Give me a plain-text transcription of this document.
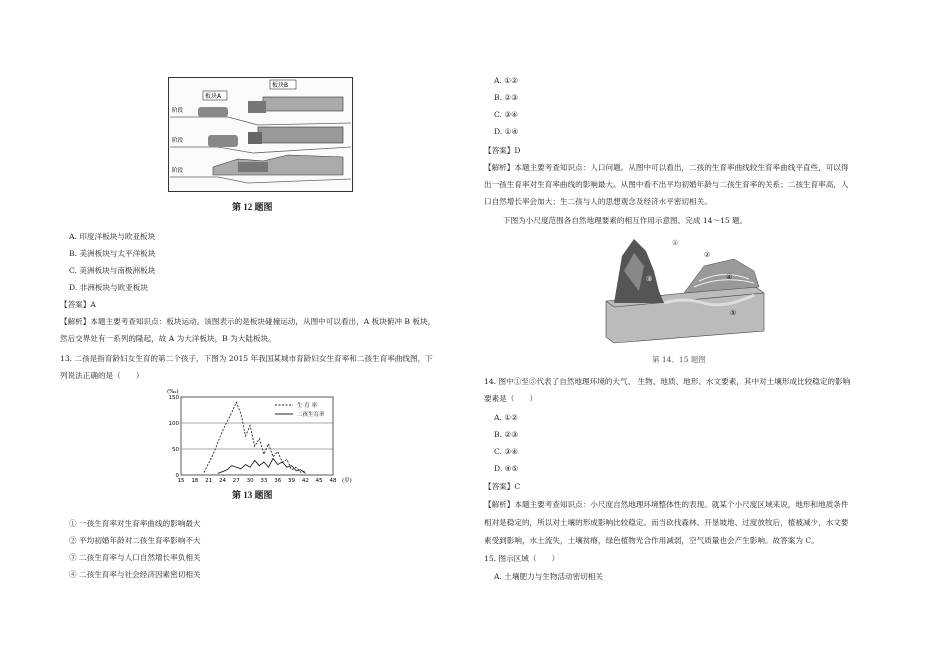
板块A
板块B
阶段
阶段
阶段
第 12 题图
A. 印度洋板块与欧亚板块
B. 美洲板块与太平洋板块
C. 美洲板块与南极洲板块
D. 非洲板块与欧亚板块
【答案】A
【解析】本题主要考查知识点：板块运动。该图表示的是板块碰撞运动，从图中可以看出，A 板块俯冲 B 板块，
然后交界处有一系列的隆起，故 A 为大洋板块，B 为大陆板块。
13. 二孩是指育龄妇女生育的第二个孩子，下图为 2015 年我国某城市育龄妇女生育率和二孩生育率曲线图，下
列说法正确的是（　　）
0
50
100
150
15 18 21 24 27 30 33 36 39 42 45 48
(‰)
(岁)
生 育 率
二孩生育率
第 13 题图
① 一孩生育率对生育率曲线的影响最大
② 平均初婚年龄对二孩生育率影响不大
③ 二孩生育率与人口自然增长率负相关
④ 二孩生育率与社会经济因素密切相关
A. ①②
B. ②③
C. ③④
D. ①④
【答案】D
【解析】本题主要考查知识点：人口问题。从图中可以看出，二孩的生育率曲线较生育率曲线平直些，可以得
出一孩生育率对生育率曲线的影响最大。从图中看不出平均初婚年龄与二孩生育率的关系；二孩生育率高，人
口自然增长率会加大；生二孩与人的思想观念及经济水平密切相关。
下图为小尺度范围各自然地理要素的相互作用示意图。完成 14～15 题。
①
②
③	④
⑤
第 14、15 题图
14. 图中①至⑤代表了自然地理环境的大气、 生物、地质、地形、水文要素，其中对土壤形成比较稳定的影响
要素是（　　）
A. ①②
B. ②③
C. ③④
D. ④⑤
【答案】C
【解析】本题主要考查知识点：小尺度自然地理环境整体性的表现。就某个小尺度区域来说，地形和地质条件
相对是稳定的，所以对土壤的形成影响比较稳定。而当砍伐森林、开垦坡地、过度放牧后，植被减少，水文要
素受到影响，水土流失，土壤贫瘠，绿色植物光合作用减弱，空气质量也会产生影响。故答案为 C。
15. 图示区域（　　）
A. 土壤肥力与生物活动密切相关
